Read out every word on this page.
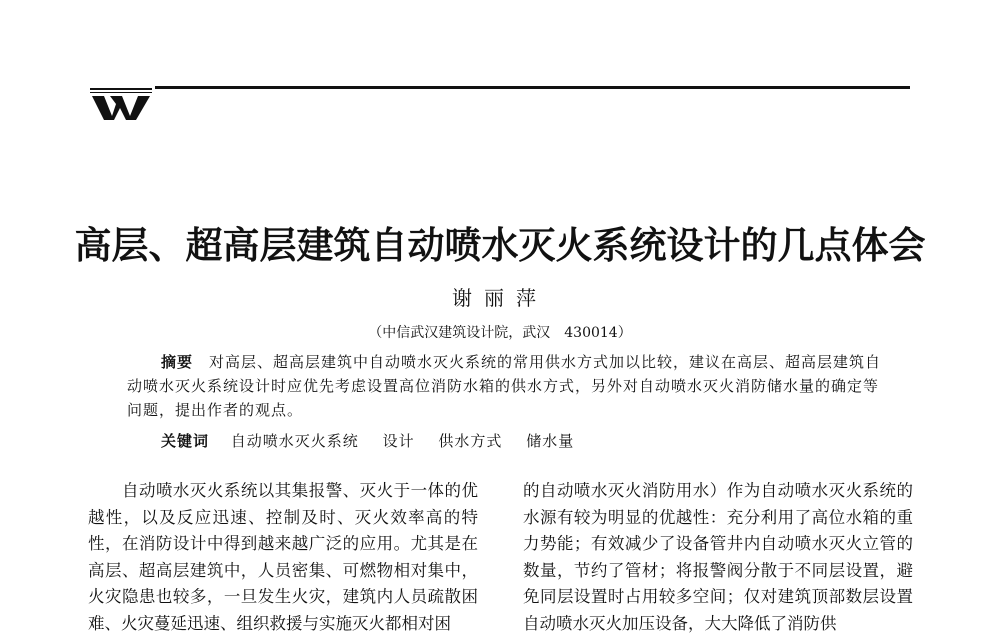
高层、超高层建筑自动喷水灭火系统设计的几点体会
谢丽萍
（中信武汉建筑设计院，武汉　430014）
摘要 对高层、超高层建筑中自动喷水灭火系统的常用供水方式加以比较，建议在高层、超高层建筑自动喷水灭火系统设计时应优先考虑设置高位消防水箱的供水方式，另外对自动喷水灭火消防储水量的确定等问题，提出作者的观点。
关键词 自动喷水灭火系统 设计 供水方式 储水量

自动喷水灭火系统以其集报警、灭火于一体的优越性，以及反应迅速、控制及时、灭火效率高的特性，在消防设计中得到越来越广泛的应用。尤其是在高层、超高层建筑中，人员密集、可燃物相对集中，火灾隐患也较多，一旦发生火灾，建筑内人员疏散困难、火灾蔓延迅速、组织救援与实施灭火都相对困

的自动喷水灭火消防用水）作为自动喷水灭火系统的水源有较为明显的优越性：充分利用了高位水箱的重力势能；有效减少了设备管井内自动喷水灭火立管的数量，节约了管材；将报警阀分散于不同层设置，避免同层设置时占用较多空间；仅对建筑顶部数层设置自动喷水灭火加压设备，大大降低了消防供
